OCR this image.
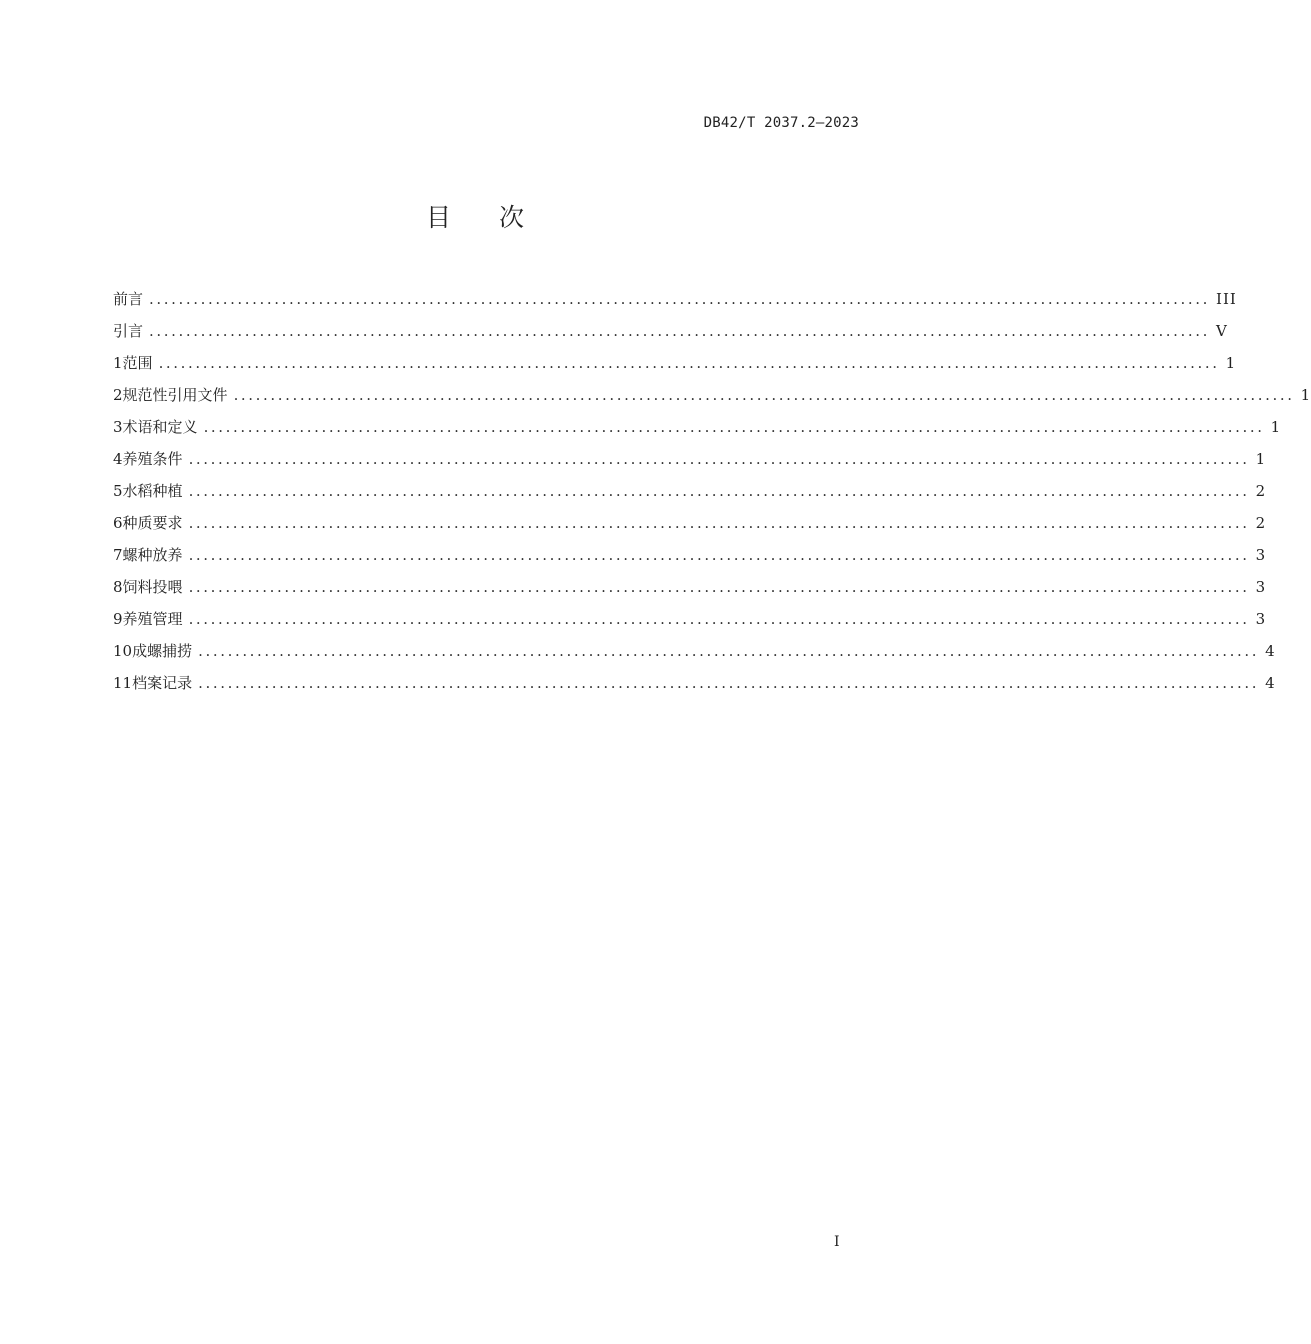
DB42/T 2037.2—2023
目 次
前言 ................................................................................................................................................ III
引言 ................................................................................................................................................ V
1 范围 ................................................................................................................................................ 1
2 规范性引用文件 ................................................................................................................................................ 1
3 术语和定义 ................................................................................................................................................ 1
4 养殖条件 ................................................................................................................................................ 1
5 水稻种植 ................................................................................................................................................ 2
6 种质要求 ................................................................................................................................................ 2
7 螺种放养 ................................................................................................................................................ 3
8 饲料投喂 ................................................................................................................................................ 3
9 养殖管理 ................................................................................................................................................ 3
10 成螺捕捞 ................................................................................................................................................ 4
11 档案记录 ................................................................................................................................................ 4
I
